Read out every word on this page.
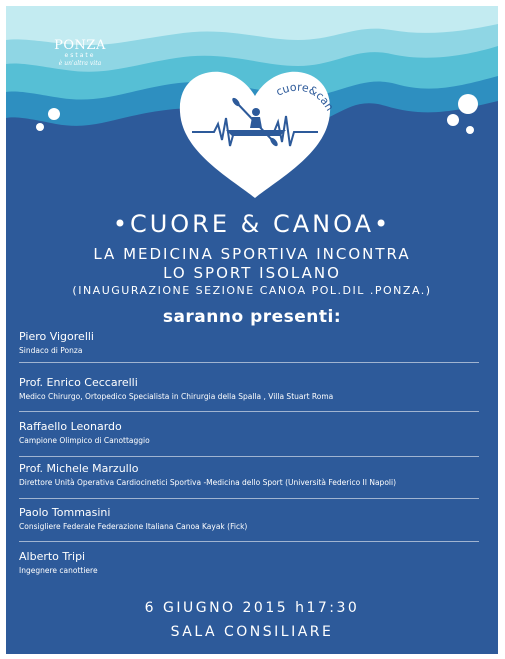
PONZA
estate
è un'altra vita
cuore&can
•CUORE & CANOA•
LA MEDICINA SPORTIVA INCONTRA
LO SPORT ISOLANO
(INAUGURAZIONE SEZIONE CANOA POL.DIL .PONZA.)
saranno presenti:
Piero Vigorelli
Sindaco di Ponza
Prof. Enrico Ceccarelli
Medico Chirurgo, Ortopedico Specialista in Chirurgia della Spalla , Villa Stuart Roma
Raffaello Leonardo
Campione Olimpico di Canottaggio
Prof. Michele Marzullo
Direttore Unità Operativa Cardiocinetici Sportiva -Medicina dello Sport (Università Federico II Napoli)
Paolo Tommasini
Consigliere Federale Federazione Italiana Canoa Kayak (Fick)
Alberto Tripi
Ingegnere canottiere
6 GIUGNO 2015 h17:30
SALA CONSILIARE
